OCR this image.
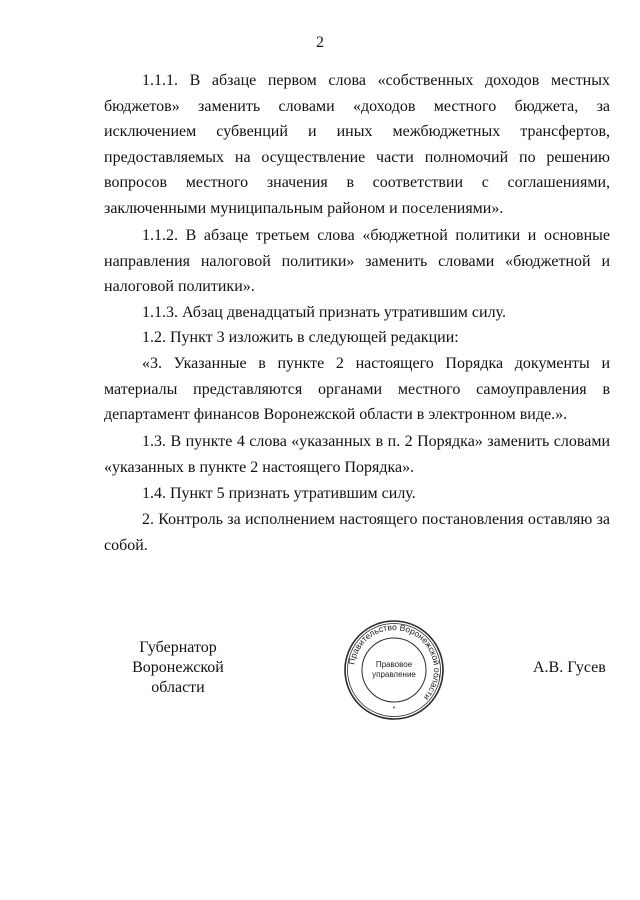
2

1.1.1. В абзаце первом слова «собственных доходов местных бюджетов» заменить словами «доходов местного бюджета, за исключением субвенций и иных межбюджетных трансфертов, предоставляемых на осуществление части полномочий по решению вопросов местного значения в соответствии с соглашениями, заключенными муниципальным районом и поселениями».

1.1.2. В абзаце третьем слова «бюджетной политики и основные направления налоговой политики» заменить словами «бюджетной и налоговой политики».

1.1.3. Абзац двенадцатый признать утратившим силу.

1.2. Пункт 3 изложить в следующей редакции:

«3. Указанные в пункте 2 настоящего Порядка документы и материалы представляются органами местного самоуправления в департамент финансов Воронежской области в электронном виде.».

1.3. В пункте 4 слова «указанных в п. 2 Порядка» заменить словами «указанных в пункте 2 настоящего Порядка».

1.4. Пункт 5 признать утратившим силу.

2. Контроль за исполнением настоящего постановления оставляю за собой.

Губернатор
Воронежской области
Правительство Воронежской области
Правовое
управление
*
А.В. Гусев
